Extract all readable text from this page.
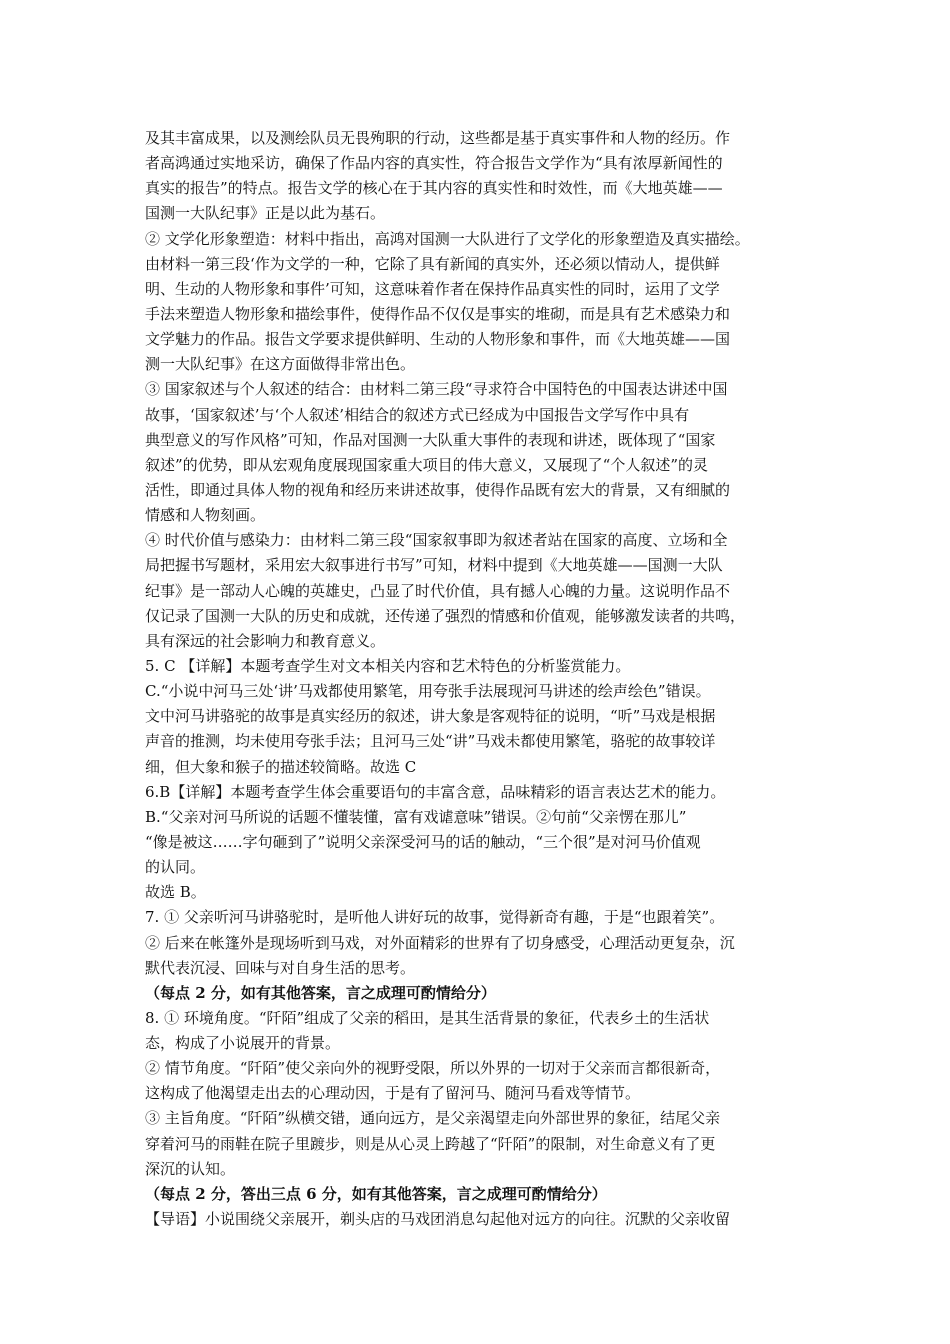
及其丰富成果，以及测绘队员无畏殉职的行动，这些都是基于真实事件和人物的经历。作
者高鸿通过实地采访，确保了作品内容的真实性，符合报告文学作为“具有浓厚新闻性的
真实的报告”的特点。报告文学的核心在于其内容的真实性和时效性，而《大地英雄——
国测一大队纪事》正是以此为基石。
② 文学化形象塑造：材料中指出，高鸿对国测一大队进行了文学化的形象塑造及真实描绘。
由材料一第三段‘作为文学的一种，它除了具有新闻的真实外，还必须以情动人，提供鲜
明、生动的人物形象和事件’可知，这意味着作者在保持作品真实性的同时，运用了文学
手法来塑造人物形象和描绘事件，使得作品不仅仅是事实的堆砌，而是具有艺术感染力和
文学魅力的作品。报告文学要求提供鲜明、生动的人物形象和事件，而《大地英雄——国
测一大队纪事》在这方面做得非常出色。
③ 国家叙述与个人叙述的结合：由材料二第三段“寻求符合中国特色的中国表达讲述中国
故事，‘国家叙述’与‘个人叙述’相结合的叙述方式已经成为中国报告文学写作中具有
典型意义的写作风格”可知，作品对国测一大队重大事件的表现和讲述，既体现了“国家
叙述”的优势，即从宏观角度展现国家重大项目的伟大意义，又展现了“个人叙述”的灵
活性，即通过具体人物的视角和经历来讲述故事，使得作品既有宏大的背景，又有细腻的
情感和人物刻画。
④ 时代价值与感染力：由材料二第三段“国家叙事即为叙述者站在国家的高度、立场和全
局把握书写题材，采用宏大叙事进行书写”可知，材料中提到《大地英雄——国测一大队
纪事》是一部动人心魄的英雄史，凸显了时代价值，具有撼人心魄的力量。这说明作品不
仅记录了国测一大队的历史和成就，还传递了强烈的情感和价值观，能够激发读者的共鸣，
具有深远的社会影响力和教育意义。
5. C 【详解】本题考查学生对文本相关内容和艺术特色的分析鉴赏能力。
C.“小说中河马三处‘讲’马戏都使用繁笔，用夸张手法展现河马讲述的绘声绘色”错误。
文中河马讲骆驼的故事是真实经历的叙述，讲大象是客观特征的说明，“听”马戏是根据
声音的推测，均未使用夸张手法；且河马三处“讲”马戏未都使用繁笔，骆驼的故事较详
细，但大象和猴子的描述较简略。故选 C
6.B【详解】本题考查学生体会重要语句的丰富含意，品味精彩的语言表达艺术的能力。
B.“父亲对河马所说的话题不懂装懂，富有戏谑意味”错误。②句前“父亲愣在那儿”
“像是被这……字句砸到了”说明父亲深受河马的话的触动，“三个很”是对河马价值观
的认同。
故选 B。
7. ① 父亲听河马讲骆驼时，是听他人讲好玩的故事，觉得新奇有趣，于是“也跟着笑”。
② 后来在帐篷外是现场听到马戏，对外面精彩的世界有了切身感受，心理活动更复杂，沉
默代表沉浸、回味与对自身生活的思考。
（每点 2 分，如有其他答案，言之成理可酌情给分）
8. ① 环境角度。“阡陌”组成了父亲的稻田，是其生活背景的象征，代表乡土的生活状
态，构成了小说展开的背景。
② 情节角度。“阡陌”使父亲向外的视野受限，所以外界的一切对于父亲而言都很新奇，
这构成了他渴望走出去的心理动因，于是有了留河马、随河马看戏等情节。
③ 主旨角度。“阡陌”纵横交错，通向远方，是父亲渴望走向外部世界的象征，结尾父亲
穿着河马的雨鞋在院子里踱步，则是从心灵上跨越了“阡陌”的限制，对生命意义有了更
深沉的认知。
（每点 2 分，答出三点 6 分，如有其他答案，言之成理可酌情给分）
【导语】小说围绕父亲展开，剃头店的马戏团消息勾起他对远方的向往。沉默的父亲收留
